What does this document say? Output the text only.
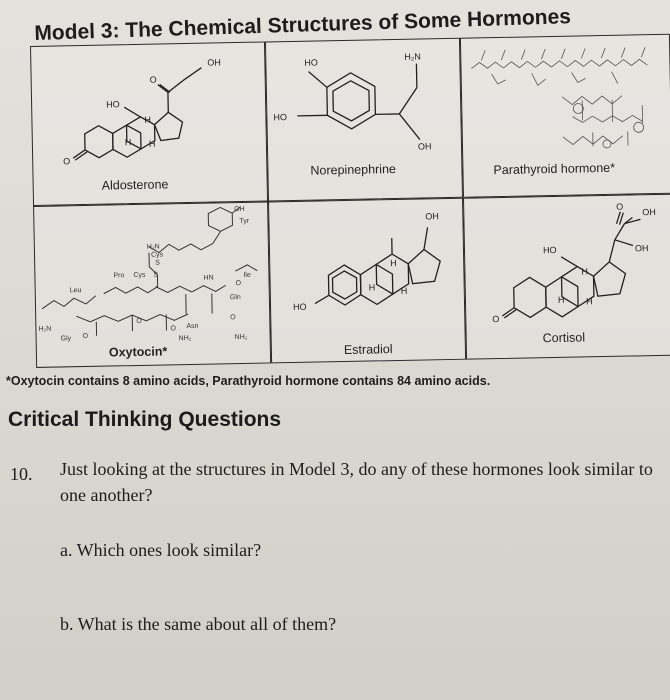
Model 3: The Chemical Structures of Some Hormones
OH
O
HO
H
H H
O
Aldosterone
HO
H₂N
HO
OH
Norepinephrine	Parathyroid hormone*
OH
Tyr
H₂N
Cys
S
S
Pro Cys	HN
O
Ile
Leu
Gln
H₂N
Gly O
Asn
NH₂	NH₂
O
O
O
Oxytocin*
OH
H
H	H
HO
Estradiol
O
OH
HO	OH
H
H H
O
Cortisol
*Oxytocin contains 8 amino acids, Parathyroid hormone contains 84 amino acids.
Critical Thinking Questions
10. Just looking at the structures in Model 3, do any of these hormones look similar to one another?
a. Which ones look similar?
b. What is the same about all of them?
